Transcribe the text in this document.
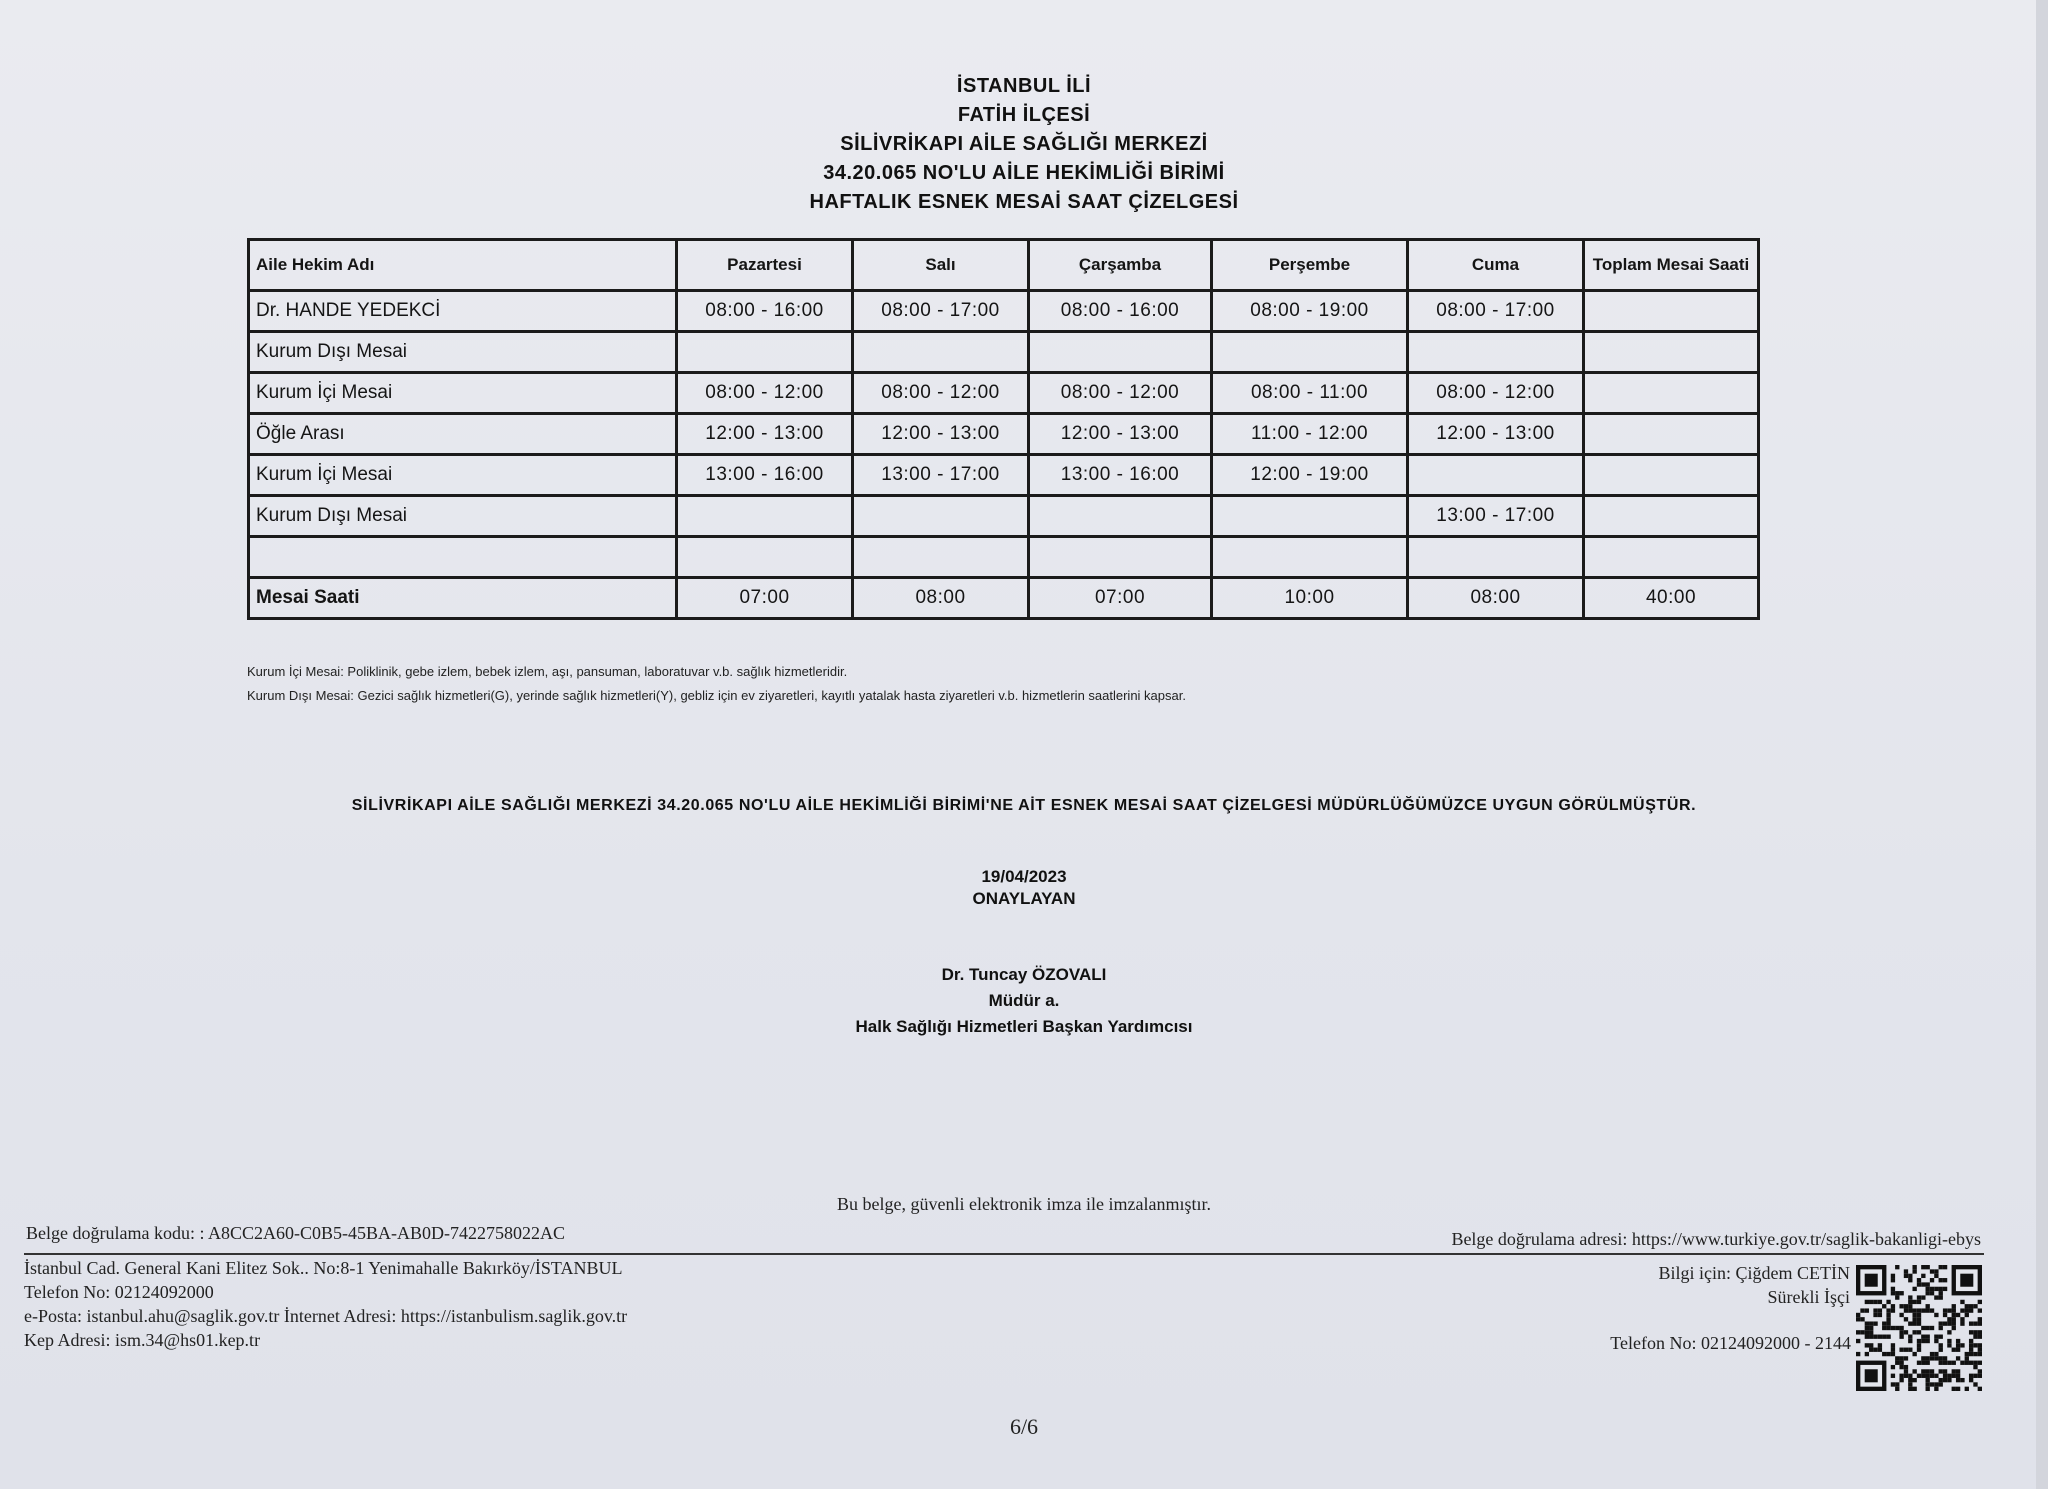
İSTANBUL İLİ
FATİH İLÇESİ
SİLİVRİKAPI AİLE SAĞLIĞI MERKEZİ
34.20.065 NO'LU AİLE HEKİMLİĞİ BİRİMİ
HAFTALIK ESNEK MESAİ SAAT ÇİZELGESİ
Aile Hekim Adı	Pazartesi	Salı	Çarşamba	Perşembe	Cuma	Toplam Mesai Saati
Dr. HANDE YEDEKCİ	08:00 - 16:00	08:00 - 17:00	08:00 - 16:00	08:00 - 19:00	08:00 - 17:00	
Kurum Dışı Mesai						
Kurum İçi Mesai	08:00 - 12:00	08:00 - 12:00	08:00 - 12:00	08:00 - 11:00	08:00 - 12:00	
Öğle Arası	12:00 - 13:00	12:00 - 13:00	12:00 - 13:00	11:00 - 12:00	12:00 - 13:00	
Kurum İçi Mesai	13:00 - 16:00	13:00 - 17:00	13:00 - 16:00	12:00 - 19:00		
Kurum Dışı Mesai					13:00 - 17:00	

Mesai Saati	07:00	08:00	07:00	10:00	08:00	40:00
Kurum İçi Mesai: Poliklinik, gebe izlem, bebek izlem, aşı, pansuman, laboratuvar v.b. sağlık hizmetleridir.
Kurum Dışı Mesai: Gezici sağlık hizmetleri(G), yerinde sağlık hizmetleri(Y), gebliz için ev ziyaretleri, kayıtlı yatalak hasta ziyaretleri v.b. hizmetlerin saatlerini kapsar.
SİLİVRİKAPI AİLE SAĞLIĞI MERKEZİ 34.20.065 NO'LU AİLE HEKİMLİĞİ BİRİMİ'NE AİT ESNEK MESAİ SAAT ÇİZELGESİ MÜDÜRLÜĞÜMÜZCE UYGUN GÖRÜLMÜŞTÜR.
19/04/2023
ONAYLAYAN
Dr. Tuncay ÖZOVALI
Müdür a.
Halk Sağlığı Hizmetleri Başkan Yardımcısı
Bu belge, güvenli elektronik imza ile imzalanmıştır.
Belge doğrulama kodu: : A8CC2A60-C0B5-45BA-AB0D-7422758022AC	Belge doğrulama adresi: https://www.turkiye.gov.tr/saglik-bakanligi-ebys
İstanbul Cad. General Kani Elitez Sok.. No:8-1 Yenimahalle Bakırköy/İSTANBUL
Telefon No: 02124092000
e-Posta: istanbul.ahu@saglik.gov.tr İnternet Adresi: https://istanbulism.saglik.gov.tr
Kep Adresi: ism.34@hs01.kep.tr
Bilgi için: Çiğdem CETİN
Sürekli İşçi
Telefon No: 02124092000 - 2144
6/6
